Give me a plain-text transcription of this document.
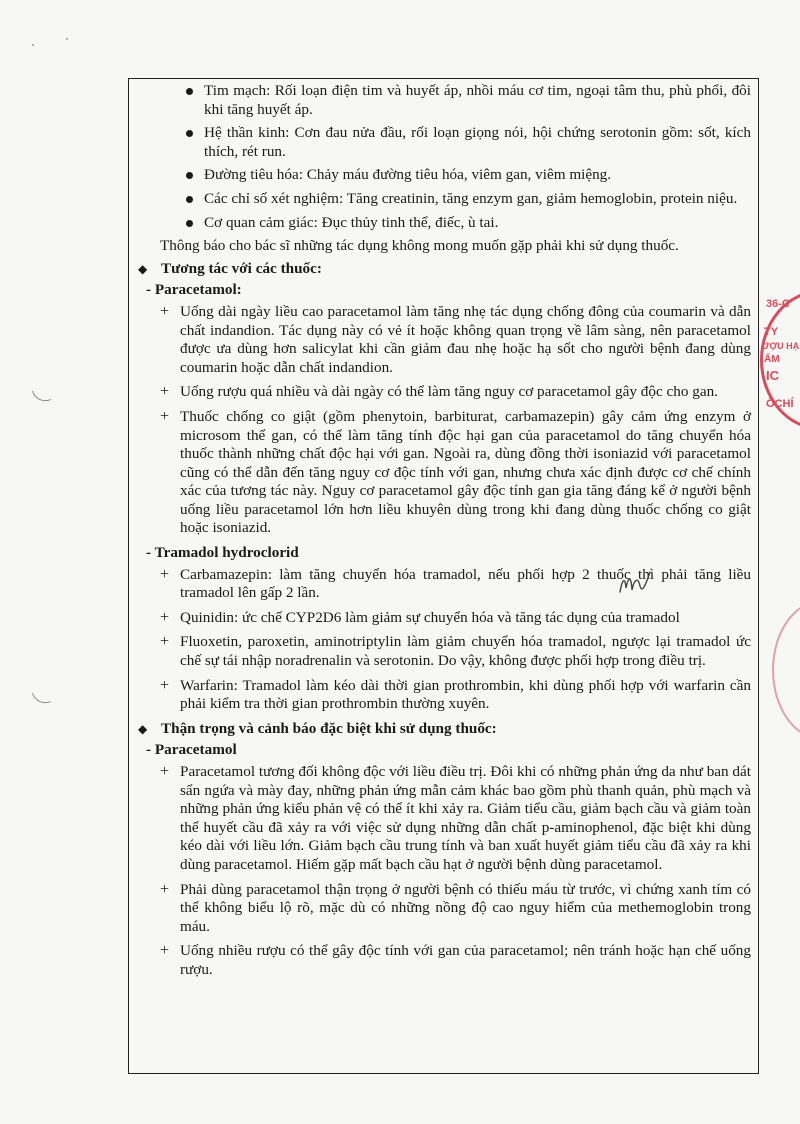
Tim mạch: Rối loạn điện tim và huyết áp, nhồi máu cơ tim, ngoại tâm thu, phù phổi, đôi khi tăng huyết áp.
Hệ thần kinh: Cơn đau nửa đầu, rối loạn giọng nói, hội chứng serotonin gồm: sốt, kích thích, rét run.
Đường tiêu hóa: Chảy máu đường tiêu hóa, viêm gan, viêm miệng.
Các chỉ số xét nghiệm: Tăng creatinin, tăng enzym gan, giảm hemoglobin, protein niệu.
Cơ quan cảm giác: Đục thủy tinh thể, điếc, ù tai.
Thông báo cho bác sĩ những tác dụng không mong muốn gặp phải khi sử dụng thuốc.
◆ Tương tác với các thuốc:
- Paracetamol:
+ Uống dài ngày liều cao paracetamol làm tăng nhẹ tác dụng chống đông của coumarin và dẫn chất indandion. Tác dụng này có vẻ ít hoặc không quan trọng về lâm sàng, nên paracetamol được ưa dùng hơn salicylat khi cần giảm đau nhẹ hoặc hạ sốt cho người bệnh đang dùng coumarin hoặc dẫn chất indandion.
+ Uống rượu quá nhiều và dài ngày có thể làm tăng nguy cơ paracetamol gây độc cho gan.
+ Thuốc chống co giật (gồm phenytoin, barbiturat, carbamazepin) gây cảm ứng enzym ở microsom thể gan, có thể làm tăng tính độc hại gan của paracetamol do tăng chuyển hóa thuốc thành những chất độc hại với gan. Ngoài ra, dùng đồng thời isoniazid với paracetamol cũng có thể dẫn đến tăng nguy cơ độc tính với gan, nhưng chưa xác định được cơ chế chính xác của tương tác này. Nguy cơ paracetamol gây độc tính gan gia tăng đáng kể ở người bệnh uống liều paracetamol lớn hơn liều khuyên dùng trong khi đang dùng thuốc chống co giật hoặc isoniazid.
- Tramadol hydroclorid
+ Carbamazepin: làm tăng chuyển hóa tramadol, nếu phối hợp 2 thuốc thì phải tăng liều tramadol lên gấp 2 lần.
+ Quinidin: ức chế CYP2D6 làm giảm sự chuyển hóa và tăng tác dụng của tramadol
+ Fluoxetin, paroxetin, aminotriptylin làm giảm chuyển hóa tramadol, ngược lại tramadol ức chế sự tái nhập noradrenalin và serotonin. Do vậy, không được phối hợp trong điều trị.
+ Warfarin: Tramadol làm kéo dài thời gian prothrombin, khi dùng phối hợp với warfarin cần phải kiểm tra thời gian prothrombin thường xuyên.
◆ Thận trọng và cảnh báo đặc biệt khi sử dụng thuốc:
- Paracetamol
+ Paracetamol tương đối không độc với liều điều trị. Đôi khi có những phản ứng da như ban dát sẩn ngứa và mày đay, những phản ứng mẫn cảm khác bao gồm phù thanh quản, phù mạch và những phản ứng kiểu phản vệ có thể ít khi xảy ra. Giảm tiểu cầu, giảm bạch cầu và giảm toàn thể huyết cầu đã xảy ra với việc sử dụng những dẫn chất p-aminophenol, đặc biệt khi dùng kéo dài với liều lớn. Giảm bạch cầu trung tính và ban xuất huyết giảm tiểu cầu đã xảy ra khi dùng paracetamol. Hiếm gặp mất bạch cầu hạt ở người bệnh dùng paracetamol.
+ Phải dùng paracetamol thận trọng ở người bệnh có thiếu máu từ trước, vì chứng xanh tím có thể không biểu lộ rõ, mặc dù có những nồng độ cao nguy hiểm của methemoglobin trong máu.
+ Uống nhiều rượu có thể gây độc tính với gan của paracetamol; nên tránh hoặc hạn chế uống rượu.
36-C
TY
ƯỢU HẠ
ẨM
IC
ỐCHÍ
